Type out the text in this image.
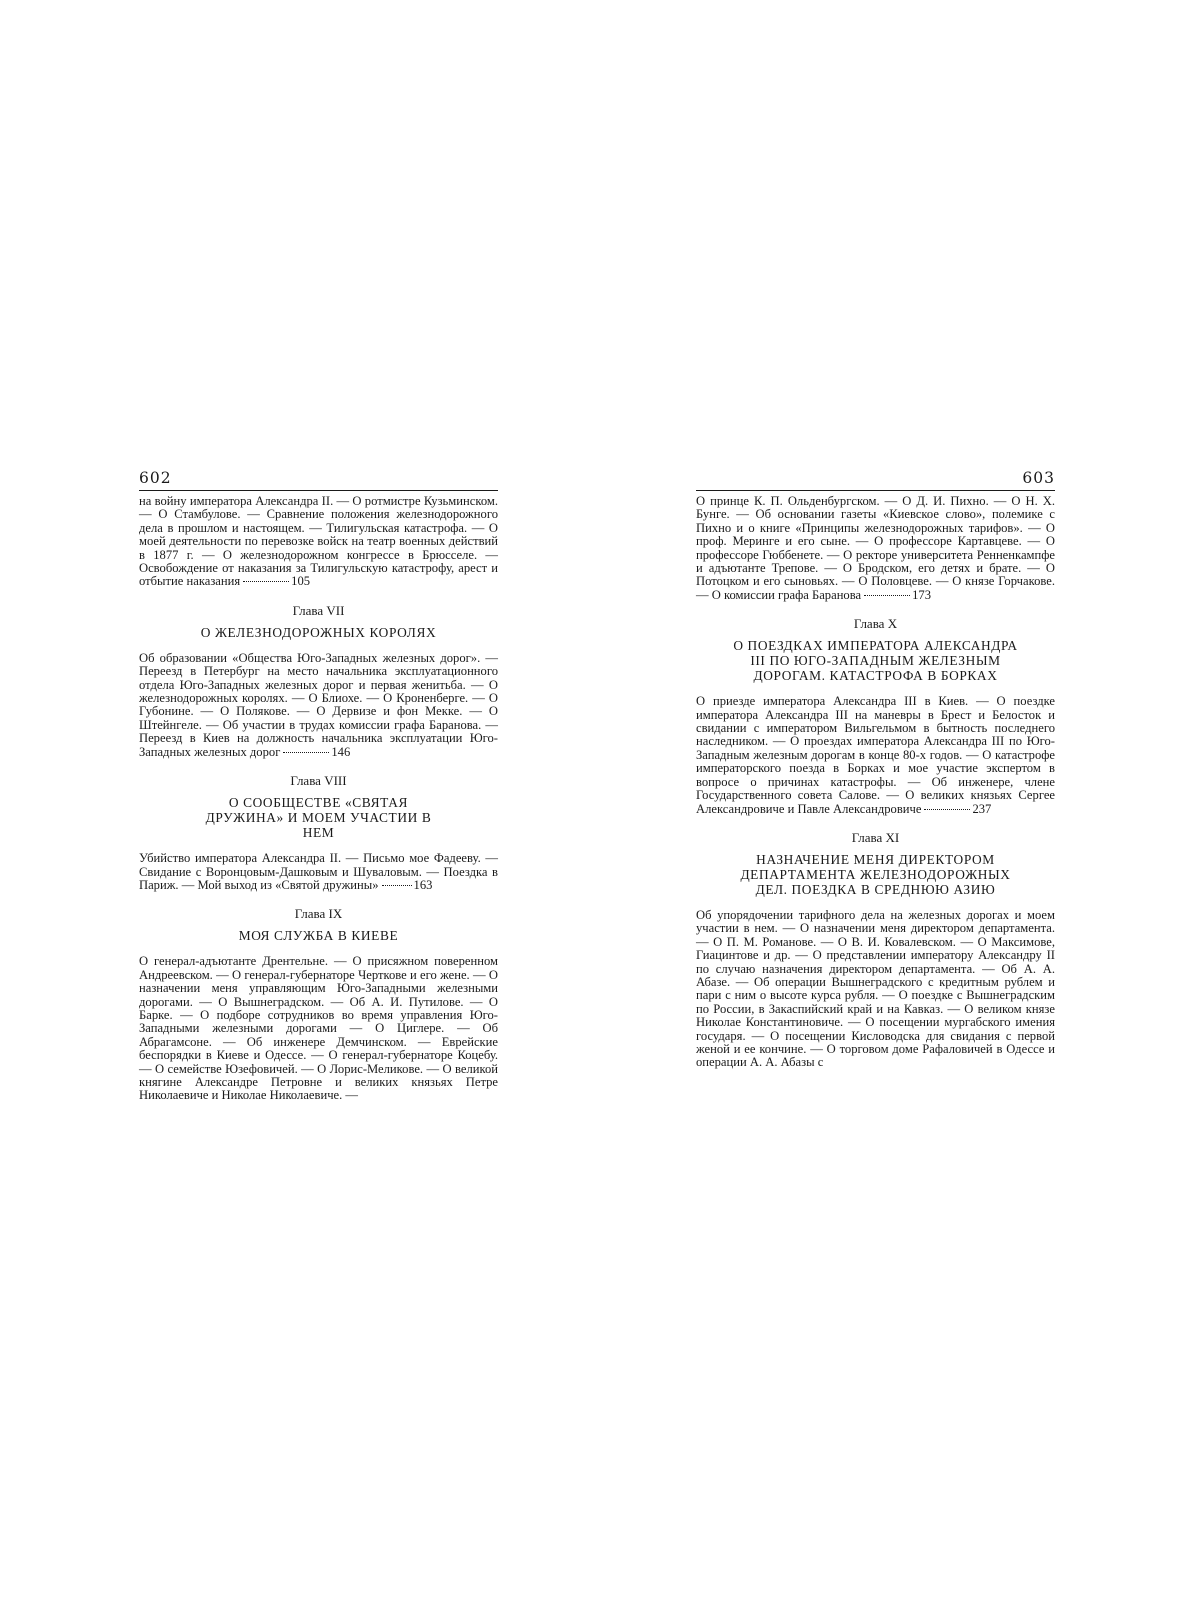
602

на войну императора Александра II. — О ротмистре Кузьминском. — О Стамбулове. — Сравнение положения железнодорожного дела в прошлом и настоящем. — Тилигульская катастрофа. — О моей деятельности по перевозке войск на театр военных действий в 1877 г. — О железнодорожном конгрессе в Брюсселе. — Освобождение от наказания за Тилигульскую катастрофу, арест и отбытие наказания	105

Глава VII
О ЖЕЛЕЗНОДОРОЖНЫХ КОРОЛЯХ

Об образовании «Общества Юго-Западных железных дорог». — Переезд в Петербург на место начальника эксплуатационного отдела Юго-Западных железных дорог и первая женитьба. — О железнодорожных королях. — О Блиохе. — О Кроненберге. — О Губонине. — О Полякове. — О Дервизе и фон Мекке. — О Штейнгеле. — Об участии в трудах комиссии графа Баранова. — Переезд в Киев на должность начальника эксплуатации Юго-Западных железных дорог	146

Глава VIII
О СООБЩЕСТВЕ «СВЯТАЯ ДРУЖИНА» И МОЕМ УЧАСТИИ В НЕМ

Убийство императора Александра II. — Письмо мое Фадееву. — Свидание с Воронцовым-Дашковым и Шуваловым. — Поездка в Париж. — Мой выход из «Святой дружины»	163

Глава IX
МОЯ СЛУЖБА В КИЕВЕ

О генерал-адъютанте Дрентельне. — О присяжном поверенном Андреевском. — О генерал-губернаторе Черткове и его жене. — О назначении меня управляющим Юго-Западными железными дорогами. — О Вышнеградском. — Об А. И. Путилове. — О Барке. — О подборе сотрудников во время управления Юго-Западными железными дорогами — О Циглере. — Об Абрагамсоне. — Об инженере Демчинском. — Еврейские беспорядки в Киеве и Одессе. — О генерал-губернаторе Коцебу. — О семействе Юзефовичей. — О Лорис-Меликове. — О великой княгине Александре Петровне и великих князьях Петре Николаевиче и Николае Николаевиче. —

603

О принце К. П. Ольденбургском. — О Д. И. Пихно. — О Н. Х. Бунге. — Об основании газеты «Киевское слово», полемике с Пихно и о книге «Принципы железнодорожных тарифов». — О проф. Мерингe и его сыне. — О профессоре Картавцеве. — О профессоре Гюббенете. — О ректоре университета Ренненкампфе и адъютанте Трепове. — О Бродском, его детях и брате. — О Потоцком и его сыновьях. — О Половцеве. — О князе Горчакове. — О комиссии графа Баранова	173

Глава X
О ПОЕЗДКАХ ИМПЕРАТОРА АЛЕКСАНДРА III ПО ЮГО-ЗАПАДНЫМ ЖЕЛЕЗНЫМ ДОРОГАМ. КАТАСТРОФА В БОРКАХ

О приезде императора Александра III в Киев. — О поездке императора Александра III на маневры в Брест и Белосток и свидании с императором Вильгельмом в бытность последнего наследником. — О проездах императора Александра III по Юго-Западным железным дорогам в конце 80-х годов. — О катастрофе императорского поезда в Борках и мое участие экспертом в вопросе о причинах катастрофы. — Об инженере, члене Государственного совета Салове. — О великих князьях Сергее Александровиче и Павле Александровиче	237

Глава XI
НАЗНАЧЕНИЕ МЕНЯ ДИРЕКТОРОМ ДЕПАРТАМЕНТА ЖЕЛЕЗНОДОРОЖНЫХ ДЕЛ. ПОЕЗДКА В СРЕДНЮЮ АЗИЮ

Об упорядочении тарифного дела на железных дорогах и моем участии в нем. — О назначении меня директором департамента. — О П. М. Романове. — О В. И. Ковалевском. — О Максимове, Гиацинтове и др. — О представлении императору Александру II по случаю назначения директором департамента. — Об А. А. Абазе. — Об операции Вышнеградского с кредитным рублем и пари с ним о высоте курса рубля. — О поездке с Вышнеградским по России, в Закаспийский край и на Кавказ. — О великом князе Николае Константиновиче. — О посещении мургабского имения государя. — О посещении Кисловодска для свидания с первой женой и ее кончине. — О торговом доме Рафаловичей в Одессе и операции А. А. Абазы с
